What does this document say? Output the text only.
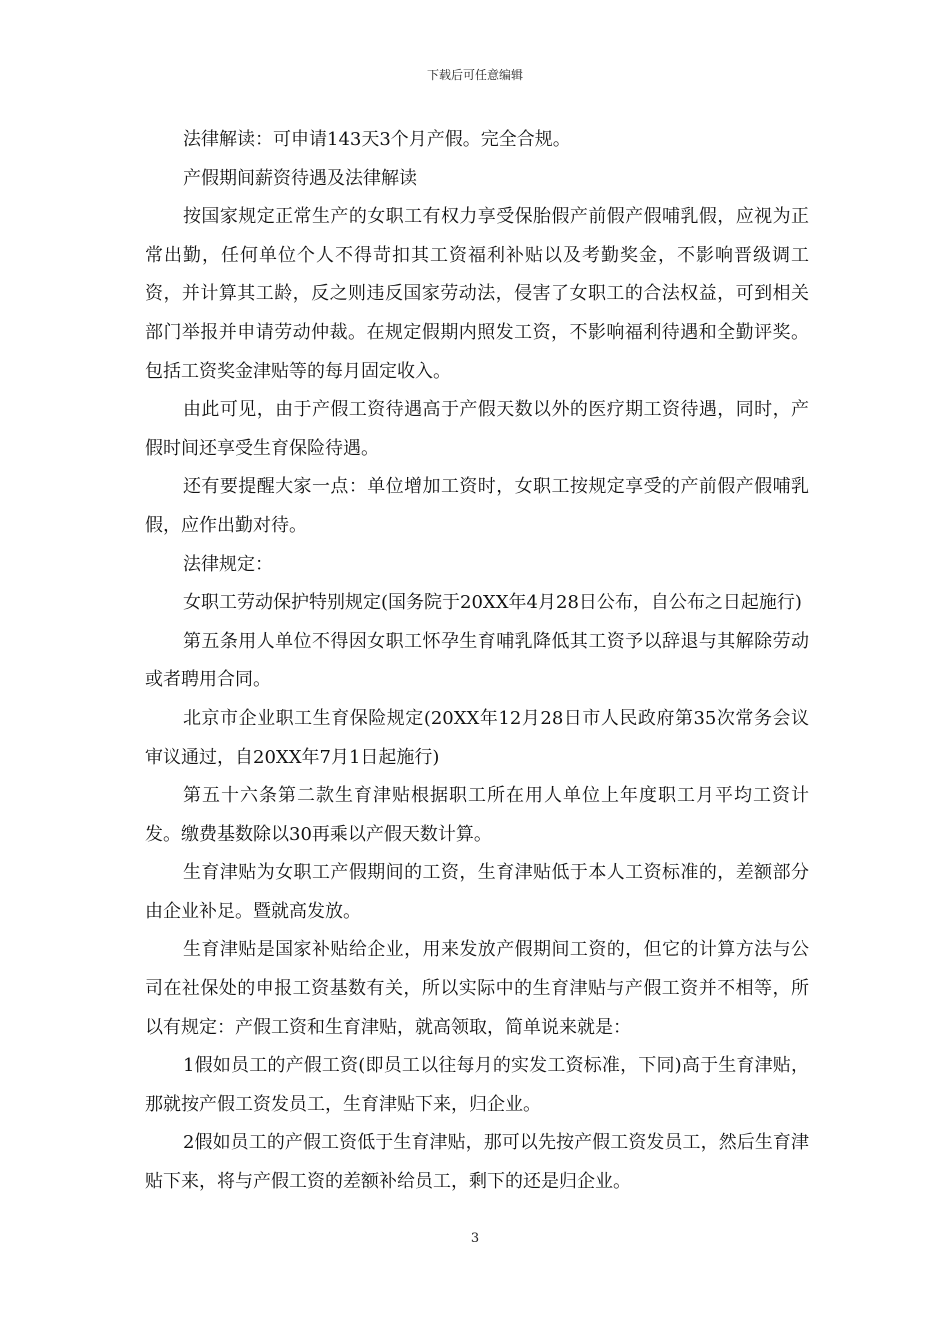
下载后可任意编辑

法律解读：可申请143天3个月产假。完全合规。

产假期间薪资待遇及法律解读

按国家规定正常生产的女职工有权力享受保胎假产前假产假哺乳假，应视为正常出勤，任何单位个人不得苛扣其工资福利补贴以及考勤奖金，不影响晋级调工资，并计算其工龄，反之则违反国家劳动法，侵害了女职工的合法权益，可到相关部门举报并申请劳动仲裁。在规定假期内照发工资，不影响福利待遇和全勤评奖。包括工资奖金津贴等的每月固定收入。

由此可见，由于产假工资待遇高于产假天数以外的医疗期工资待遇，同时，产假时间还享受生育保险待遇。

还有要提醒大家一点：单位增加工资时，女职工按规定享受的产前假产假哺乳假，应作出勤对待。

法律规定：

女职工劳动保护特别规定(国务院于20XX年4月28日公布，自公布之日起施行)

第五条用人单位不得因女职工怀孕生育哺乳降低其工资予以辞退与其解除劳动或者聘用合同。

北京市企业职工生育保险规定(20XX年12月28日市人民政府第35次常务会议审议通过，自20XX年7月1日起施行)

第五十六条第二款生育津贴根据职工所在用人单位上年度职工月平均工资计发。缴费基数除以30再乘以产假天数计算。

生育津贴为女职工产假期间的工资，生育津贴低于本人工资标准的，差额部分由企业补足。暨就高发放。

生育津贴是国家补贴给企业，用来发放产假期间工资的，但它的计算方法与公司在社保处的申报工资基数有关，所以实际中的生育津贴与产假工资并不相等，所以有规定：产假工资和生育津贴，就高领取，简单说来就是：

1假如员工的产假工资(即员工以往每月的实发工资标准，下同)高于生育津贴，那就按产假工资发员工，生育津贴下来，归企业。

2假如员工的产假工资低于生育津贴，那可以先按产假工资发员工，然后生育津贴下来，将与产假工资的差额补给员工，剩下的还是归企业。

3
